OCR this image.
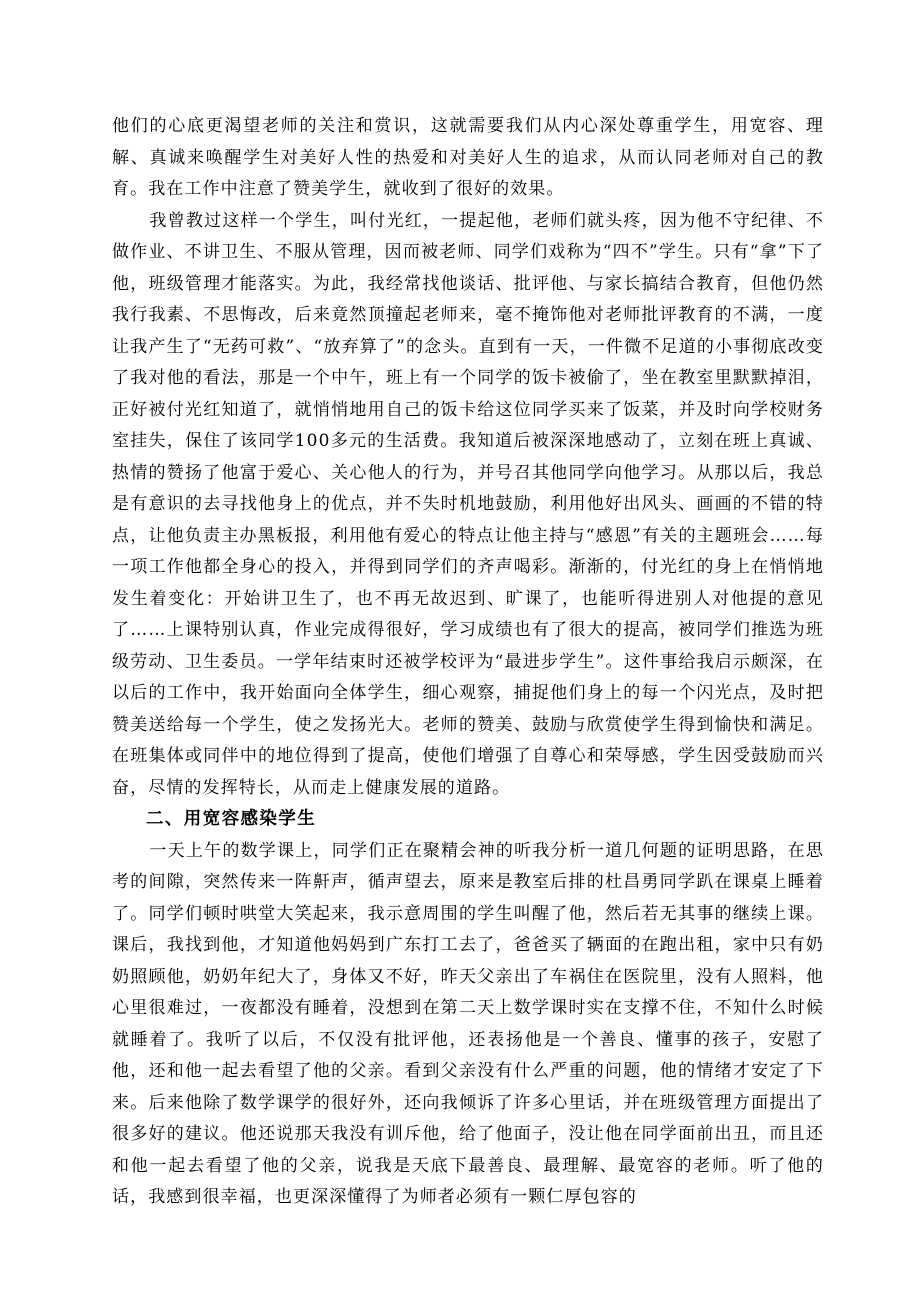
他们的心底更渴望老师的关注和赏识，这就需要我们从内心深处尊重学生，用宽容、理解、真诚来唤醒学生对美好人性的热爱和对美好人生的追求，从而认同老师对自己的教育。我在工作中注意了赞美学生，就收到了很好的效果。

我曾教过这样一个学生，叫付光红，一提起他，老师们就头疼，因为他不守纪律、不做作业、不讲卫生、不服从管理，因而被老师、同学们戏称为“四不”学生。只有“拿”下了他，班级管理才能落实。为此，我经常找他谈话、批评他、与家长搞结合教育，但他仍然我行我素、不思悔改，后来竟然顶撞起老师来，毫不掩饰他对老师批评教育的不满，一度让我产生了“无药可救”、“放弃算了”的念头。直到有一天，一件微不足道的小事彻底改变了我对他的看法，那是一个中午，班上有一个同学的饭卡被偷了，坐在教室里默默掉泪，正好被付光红知道了，就悄悄地用自己的饭卡给这位同学买来了饭菜，并及时向学校财务室挂失，保住了该同学100多元的生活费。我知道后被深深地感动了，立刻在班上真诚、热情的赞扬了他富于爱心、关心他人的行为，并号召其他同学向他学习。从那以后，我总是有意识的去寻找他身上的优点，并不失时机地鼓励，利用他好出风头、画画的不错的特点，让他负责主办黑板报，利用他有爱心的特点让他主持与“感恩”有关的主题班会……每一项工作他都全身心的投入，并得到同学们的齐声喝彩。渐渐的，付光红的身上在悄悄地发生着变化：开始讲卫生了，也不再无故迟到、旷课了，也能听得进别人对他提的意见了……上课特别认真，作业完成得很好，学习成绩也有了很大的提高，被同学们推选为班级劳动、卫生委员。一学年结束时还被学校评为“最进步学生”。这件事给我启示颇深，在以后的工作中，我开始面向全体学生，细心观察，捕捉他们身上的每一个闪光点，及时把赞美送给每一个学生，使之发扬光大。老师的赞美、鼓励与欣赏使学生得到愉快和满足。在班集体或同伴中的地位得到了提高，使他们增强了自尊心和荣辱感，学生因受鼓励而兴奋，尽情的发挥特长，从而走上健康发展的道路。

二、用宽容感染学生

一天上午的数学课上，同学们正在聚精会神的听我分析一道几何题的证明思路，在思考的间隙，突然传来一阵鼾声，循声望去，原来是教室后排的杜昌勇同学趴在课桌上睡着了。同学们顿时哄堂大笑起来，我示意周围的学生叫醒了他，然后若无其事的继续上课。课后，我找到他，才知道他妈妈到广东打工去了，爸爸买了辆面的在跑出租，家中只有奶奶照顾他，奶奶年纪大了，身体又不好，昨天父亲出了车祸住在医院里，没有人照料，他心里很难过，一夜都没有睡着，没想到在第二天上数学课时实在支撑不住，不知什么时候就睡着了。我听了以后，不仅没有批评他，还表扬他是一个善良、懂事的孩子，安慰了他，还和他一起去看望了他的父亲。看到父亲没有什么严重的问题，他的情绪才安定了下来。后来他除了数学课学的很好外，还向我倾诉了许多心里话，并在班级管理方面提出了很多好的建议。他还说那天我没有训斥他，给了他面子，没让他在同学面前出丑，而且还和他一起去看望了他的父亲，说我是天底下最善良、最理解、最宽容的老师。听了他的话，我感到很幸福，也更深深懂得了为师者必须有一颗仁厚包容的
